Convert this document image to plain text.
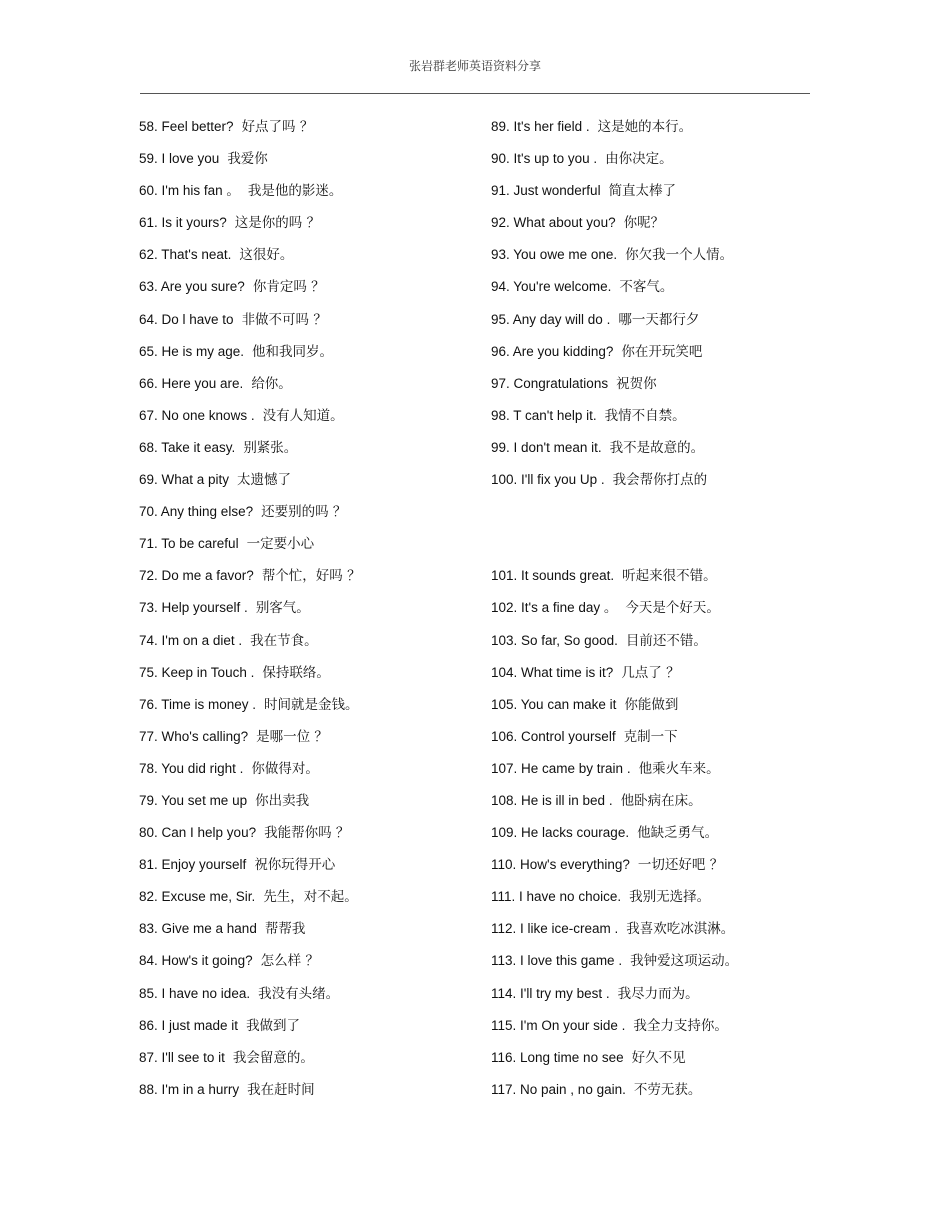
张岩群老师英语资料分享
58. Feel better? 好点了吗 ？
59. I love you 我爱你
60. I'm his fan 。 我是他的影迷。
61. Is it yours? 这是你的吗 ？
62. That's neat. 这很好。
63. Are you sure? 你肯定吗 ？
64. Do l have to 非做不可吗 ？
65. He is my age. 他和我同岁。
66. Here you are. 给你。
67. No one knows . 没有人知道。
68. Take it easy. 别紧张。
69. What a pity 太遗憾了
70. Any thing else? 还要别的吗 ？
71. To be careful 一定要小心
72. Do me a favor? 帮个忙，好吗 ？
73. Help yourself . 别客气。
74. I'm on a diet . 我在节食。
75. Keep in Touch . 保持联络。
76. Time is money . 时间就是金钱。
77. Who's calling? 是哪一位 ？
78. You did right . 你做得对。
79. You set me up 你出卖我
80. Can I help you? 我能帮你吗 ？
81. Enjoy yourself 祝你玩得开心
82. Excuse me, Sir. 先生，对不起。
83. Give me a hand 帮帮我
84. How's it going? 怎么样 ？
85. I have no idea. 我没有头绪。
86. I just made it 我做到了
87. I'll see to it 我会留意的。
88. I'm in a hurry 我在赶时间
89. It's her field . 这是她的本行。
90. It's up to you . 由你决定。
91. Just wonderful 简直太棒了
92. What about you? 你呢？
93. You owe me one. 你欠我一个人情。
94. You're welcome. 不客气。
95. Any day will do . 哪一天都行夕
96. Are you kidding? 你在开玩笑吧
97. Congratulations 祝贺你
98. T can't help it. 我情不自禁。
99. I don't mean it. 我不是故意的。
100. I'll fix you Up . 我会帮你打点的
101. It sounds great. 听起来很不错。
102. It's a fine day 。 今天是个好天。
103. So far, So good. 目前还不错。
104. What time is it? 几点了 ？
105. You can make it 你能做到
106. Control yourself 克制一下
107. He came by train . 他乘火车来。
108. He is ill in bed . 他卧病在床。
109. He lacks courage. 他缺乏勇气。
110. How's everything? 一切还好吧 ？
111. I have no choice. 我别无选择。
112. I like ice-cream . 我喜欢吃冰淇淋。
113. I love this game . 我钟爱这项运动。
114. I'll try my best . 我尽力而为。
115. I'm On your side . 我全力支持你。
116. Long time no see 好久不见
117. No pain , no gain. 不劳无获。
